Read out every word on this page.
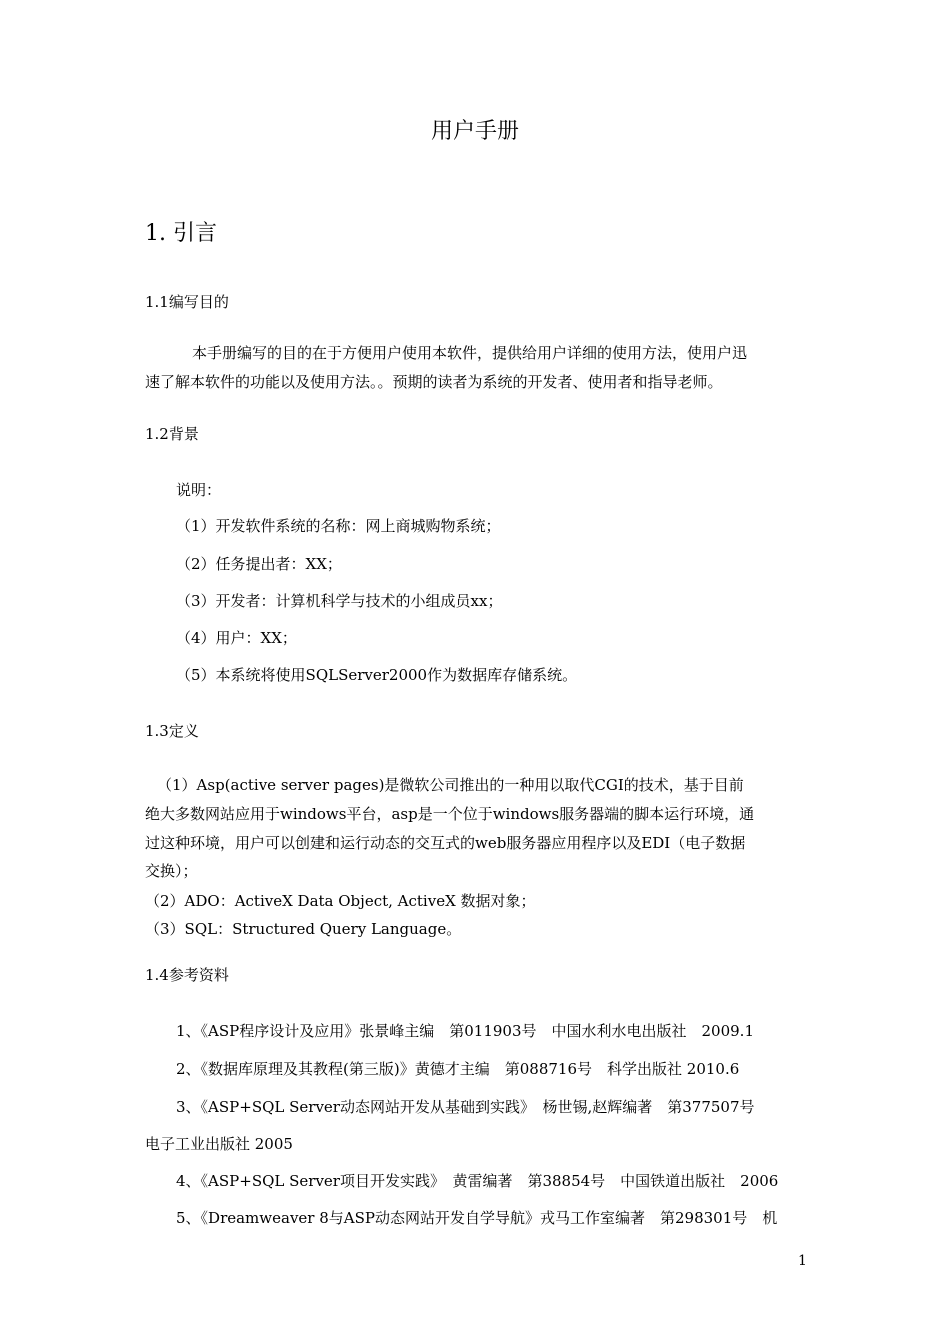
用户手册
1. 引言
1.1编写目的
本手册编写的目的在于方便用户使用本软件，提供给用户详细的使用方法，使用户迅
速了解本软件的功能以及使用方法。。预期的读者为系统的开发者、使用者和指导老师。
1.2背景
说明：
（1）开发软件系统的名称：网上商城购物系统；
（2）任务提出者：XX；
（3）开发者：计算机科学与技术的小组成员xx；
（4）用户：XX；
（5）本系统将使用SQLServer2000作为数据库存储系统。
1.3定义
（1）Asp(active server pages)是微软公司推出的一种用以取代CGI的技术，基于目前
绝大多数网站应用于windows平台，asp是一个位于windows服务器端的脚本运行环境，通
过这种环境，用户可以创建和运行动态的交互式的web服务器应用程序以及EDI（电子数据
交换）；
（2）ADO：ActiveX Data Object, ActiveX 数据对象；
（3）SQL：Structured Query Language。
1.4参考资料
1、《ASP程序设计及应用》张景峰主编　第011903号　中国水利水电出版社　2009.1
2、《数据库原理及其教程(第三版)》黄德才主编　第088716号　科学出版社 2010.6
3、《ASP+SQL Server动态网站开发从基础到实践》　杨世锡,赵辉编著　第377507号
电子工业出版社 2005
4、《ASP+SQL Server项目开发实践》　黄雷编著　第38854号　中国铁道出版社　2006
5、《Dreamweaver 8与ASP动态网站开发自学导航》戎马工作室编著　第298301号　机
1
